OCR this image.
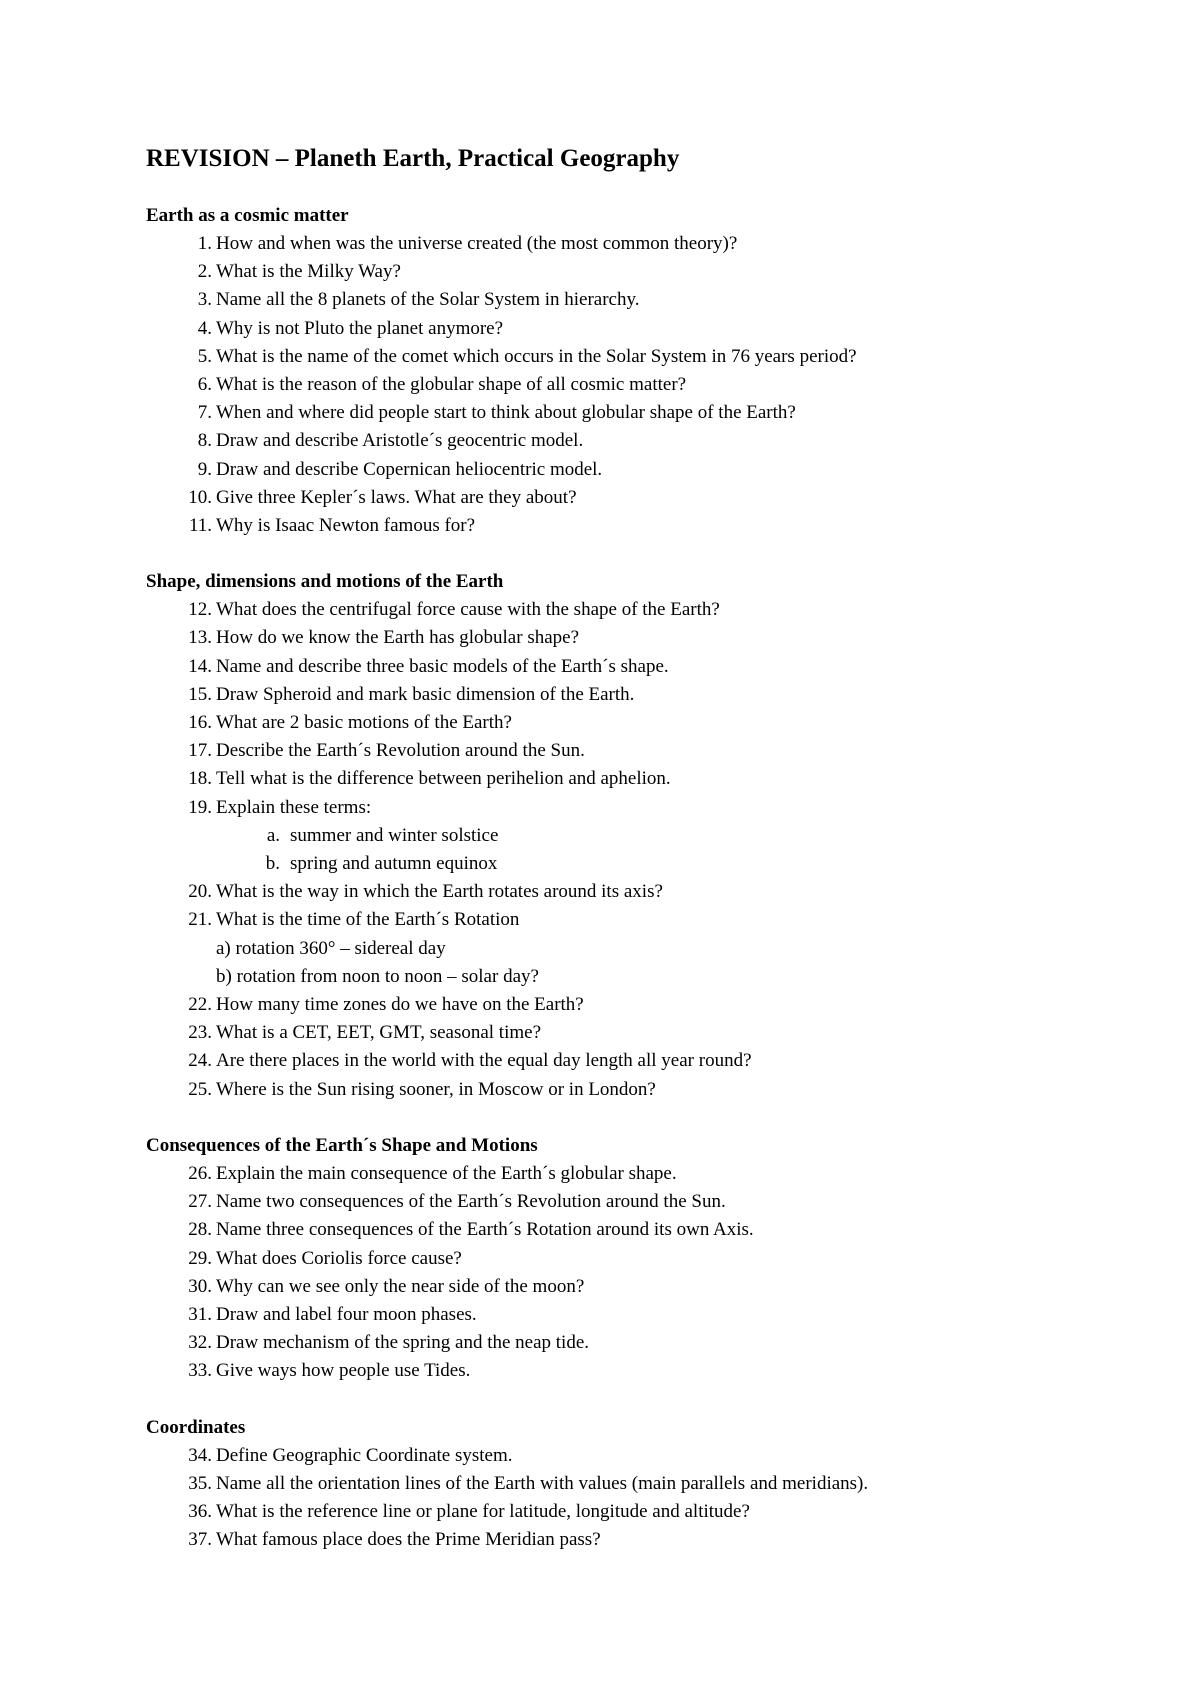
REVISION – Planeth Earth, Practical Geography
Earth as a cosmic matter
1. How and when was the universe created (the most common theory)?
2. What is the Milky Way?
3. Name all the 8 planets of the Solar System in hierarchy.
4. Why is not Pluto the planet anymore?
5. What is the name of the comet which occurs in the Solar System in 76 years period?
6. What is the reason of the globular shape of all cosmic matter?
7. When and where did people start to think about globular shape of the Earth?
8. Draw and describe Aristotle´s geocentric model.
9. Draw and describe Copernican heliocentric model.
10. Give three Kepler´s laws. What are they about?
11. Why is Isaac Newton famous for?
Shape, dimensions and motions of the Earth
12. What does the centrifugal force cause with the shape of the Earth?
13. How do we know the Earth has globular shape?
14. Name and describe three basic models of the Earth´s shape.
15. Draw Spheroid and mark basic dimension of the Earth.
16. What are 2 basic motions of the Earth?
17. Describe the Earth´s Revolution around the Sun.
18. Tell what is the difference between perihelion and aphelion.
19. Explain these terms:
a. summer and winter solstice
b. spring and autumn equinox
20. What is the way in which the Earth rotates around its axis?
21. What is the time of the Earth´s Rotation
a) rotation 360° – sidereal day
b) rotation from noon to noon – solar day?
22. How many time zones do we have on the Earth?
23. What is a CET, EET, GMT, seasonal time?
24. Are there places in the world with the equal day length all year round?
25. Where is the Sun rising sooner, in Moscow or in London?
Consequences of the Earth´s Shape and Motions
26. Explain the main consequence of the Earth´s globular shape.
27. Name two consequences of the Earth´s Revolution around the Sun.
28. Name three consequences of the Earth´s Rotation around its own Axis.
29. What does Coriolis force cause?
30. Why can we see only the near side of the moon?
31. Draw and label four moon phases.
32. Draw mechanism of the spring and the neap tide.
33. Give ways how people use Tides.
Coordinates
34. Define Geographic Coordinate system.
35. Name all the orientation lines of the Earth with values (main parallels and meridians).
36. What is the reference line or plane for latitude, longitude and altitude?
37. What famous place does the Prime Meridian pass?
